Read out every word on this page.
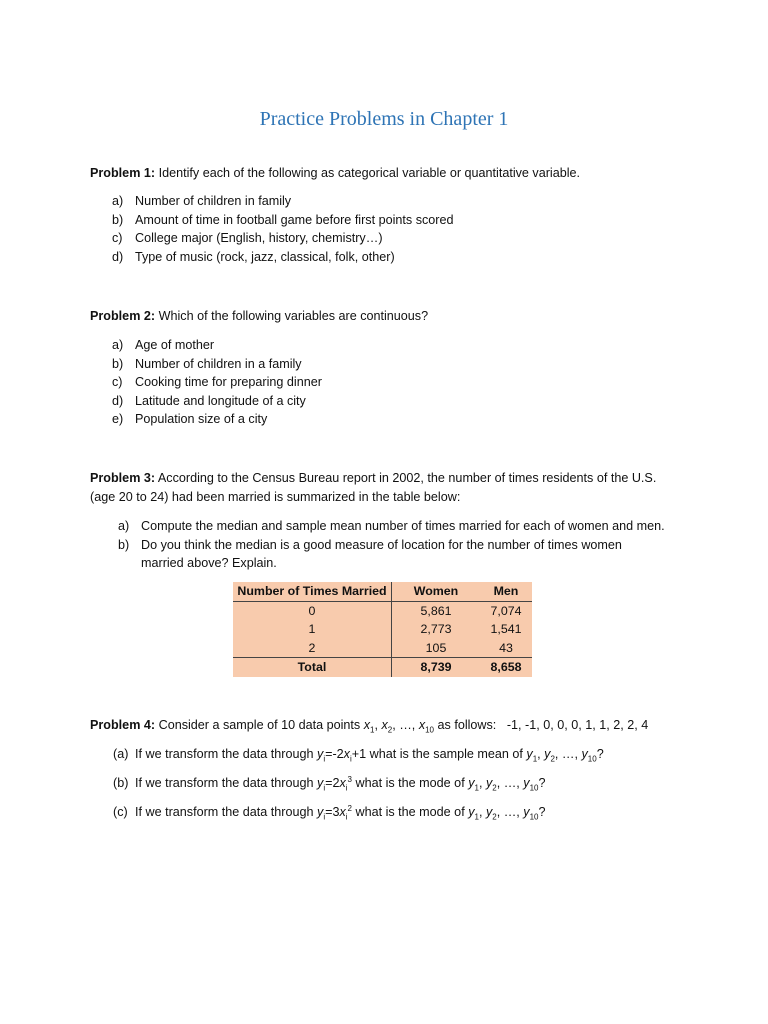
Practice Problems in Chapter 1

Problem 1: Identify each of the following as categorical variable or quantitative variable.

a) Number of children in family
b) Amount of time in football game before first points scored
c) College major (English, history, chemistry…)
d) Type of music (rock, jazz, classical, folk, other)

Problem 2: Which of the following variables are continuous?

a) Age of mother
b) Number of children in a family
c) Cooking time for preparing dinner
d) Latitude and longitude of a city
e) Population size of a city

Problem 3: According to the Census Bureau report in 2002, the number of times residents of the U.S.

(age 20 to 24) had been married is summarized in the table below:

a) Compute the median and sample mean number of times married for each of women and men.
b) Do you think the median is a good measure of location for the number of times women married above? Explain.
Number of Times Married	Women	Men
0	5,861	7,074
1	2,773	1,541
2	105	43
Total	8,739	8,658

Problem 4: Consider a sample of 10 data points $x_1$, $x_2$, …, $x_{10}$ as follows: -1, -1, 0, 0, 0, 1, 1, 2, 2, 4

(a) If we transform the data through $y_i=-2x_i+1$ what is the sample mean of $y_1$, $y_2$, …, $y_{10}$?
(b) If we transform the data through $y_i=2x_i^3$ what is the mode of $y_1$, $y_2$, …, $y_{10}$?
(c) If we transform the data through $y_i=3x_i^2$ what is the mode of $y_1$, $y_2$, …, $y_{10}$?
